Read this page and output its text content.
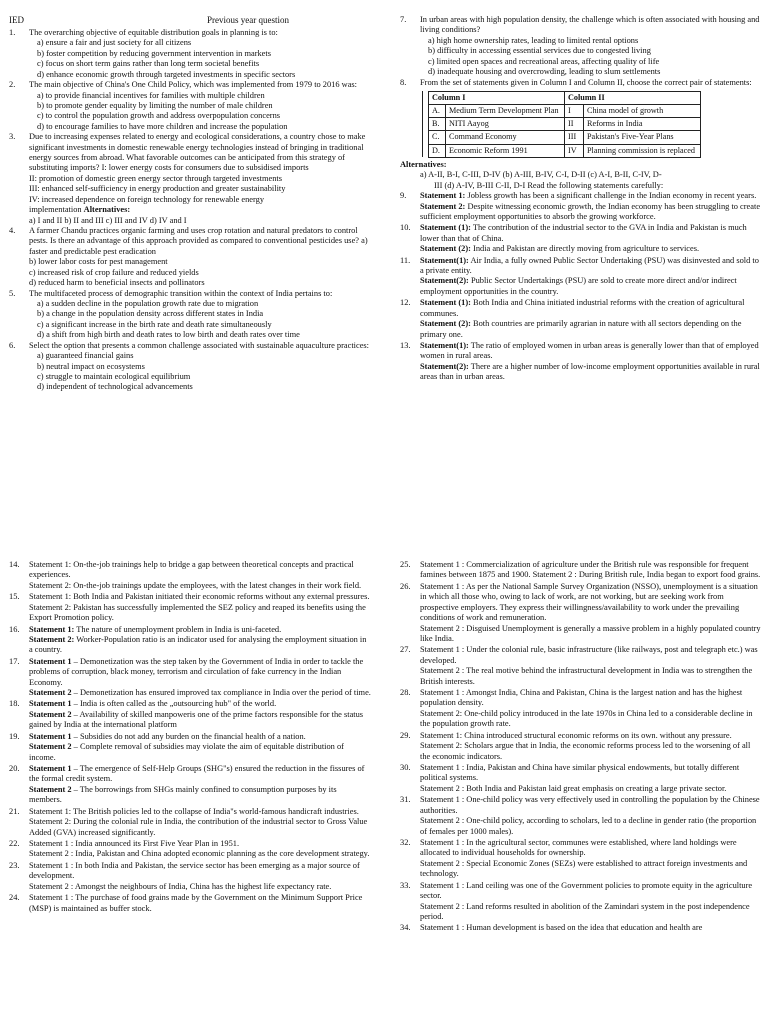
IED	Previous year question
1.	The overarching objective of equitable distribution goals in planning is to:
a) ensure a fair and just society for all citizens
b) foster competition by reducing government intervention in markets
c) focus on short term gains rather than long term societal benefits
d) enhance economic growth through targeted investments in specific sectors
2.	The main objective of China's One Child Policy, which was implemented from 1979 to 2016 was:
a) to provide financial incentives for families with multiple children
b) to promote gender equality by limiting the number of male children
c) to control the population growth and address overpopulation concerns
d) to encourage families to have more children and increase the population
3.	Due to increasing expenses related to energy and ecological considerations, a country chose to make significant investments in domestic renewable energy technologies instead of bringing in traditional energy sources from abroad. What favorable outcomes can be anticipated from this strategy of substituting imports? I: lower energy costs for consumers due to subsidised imports
II: promotion of domestic green energy sector through targeted investments
III: enhanced self-sufficiency in energy production and greater sustainability
IV: increased dependence on foreign technology for renewable energy
implementation Alternatives:
a) I and II b) II and III c) III and IV d) IV and I
4.	A farmer Chandu practices organic farming and uses crop rotation and natural predators to control pests. Is there an advantage of this approach provided as compared to conventional pesticides use? a) faster and predictable pest eradication
b) lower labor costs for pest management
c) increased risk of crop failure and reduced yields
d) reduced harm to beneficial insects and pollinators
5.	The multifaceted process of demographic transition within the context of India pertains to:
a) a sudden decline in the population growth rate due to migration
b) a change in the population density across different states in India
c) a significant increase in the birth rate and death rate simultaneously
d) a shift from high birth and death rates to low birth and death rates over time
6.	Select the option that presents a common challenge associated with sustainable aquaculture practices:
a) guaranteed financial gains
b) neutral impact on ecosystems
c) struggle to maintain ecological equilibrium
d) independent of technological advancements
7.	In urban areas with high population density, the challenge which is often associated with housing and living conditions?
a) high home ownership rates, leading to limited rental options
b) difficulty in accessing essential services due to congested living
c) limited open spaces and recreational areas, affecting quality of life
d) inadequate housing and overcrowding, leading to slum settlements
8.	From the set of statements given in Column I and Column II, choose the correct pair of statements:
	Column I		Column II	
	A.	Medium Term Development Plan	I	China model of growth
	B.	NITI Aayog	II	Reforms in India
	C.	Command Economy	III	Pakistan's Five-Year Plans
	D.	Economic Reform 1991	IV	Planning commission is replaced
Alternatives:
a) A-II, B-I, C-III, D-IV (b) A-III, B-IV, C-I, D-II (c) A-I, B-II, C-IV, D-
III (d) A-IV, B-III C-II, D-I Read the following statements carefully:
9.	Statement 1: Jobless growth has been a significant challenge in the Indian economy in recent years.
Statement 2: Despite witnessing economic growth, the Indian economy has been struggling to create sufficient employment opportunities to absorb the growing workforce.
10.	Statement (1): The contribution of the industrial sector to the GVA in India and Pakistan is much lower than that of China.
Statement (2): India and Pakistan are directly moving from agriculture to services.
11.	Statement(1): Air India, a fully owned Public Sector Undertaking (PSU) was disinvested and sold to a private entity.
Statement(2): Public Sector Undertakings (PSU) are sold to create more direct and/or indirect employment opportunities in the country.
12.	Statement (1): Both India and China initiated industrial reforms with the creation of agricultural communes.
Statement (2): Both countries are primarily agrarian in nature with all sectors depending on the primary one.
13.	Statement(1): The ratio of employed women in urban areas is generally lower than that of employed women in rural areas.
Statement(2): There are a higher number of low-income employment opportunities available in rural areas than in urban areas.
14.	Statement 1: On-the-job trainings help to bridge a gap between theoretical concepts and practical experiences.
Statement 2: On-the-job trainings update the employees, with the latest changes in their work field.
15.	Statement 1: Both India and Pakistan initiated their economic reforms without any external pressures.
Statement 2: Pakistan has successfully implemented the SEZ policy and reaped its benefits using the Export Promotion policy.
16.	Statement 1: The nature of unemployment problem in India is uni-faceted.
Statement 2: Worker-Population ratio is an indicator used for analysing the employment situation in a country.
17.	Statement 1 – Demonetization was the step taken by the Government of India in order to tackle the problems of corruption, black money, terrorism and circulation of fake currency in the Indian Economy.
Statement 2 – Demonetization has ensured improved tax compliance in India over the period of time.
18.	Statement 1 – India is often called as the „outsourcing hub" of the world.
Statement 2 – Availability of skilled manpoweris one of the prime factors responsible for the status gained by India at the international platform
19.	Statement 1 – Subsidies do not add any burden on the financial health of a nation.
Statement 2 – Complete removal of subsidies may violate the aim of equitable distribution of income.
20.	Statement 1 – The emergence of Self-Help Groups (SHG"s) ensured the reduction in the fissures of the formal credit system.
Statement 2 – The borrowings from SHGs mainly confined to consumption purposes by its members.
21.	Statement 1: The British policies led to the collapse of India"s world-famous handicraft industries.
Statement 2: During the colonial rule in India, the contribution of the industrial sector to Gross Value Added (GVA) increased significantly.
22.	Statement 1 : India announced its First Five Year Plan in 1951.
Statement 2 : India, Pakistan and China adopted economic planning as the core development strategy.
23.	Statement 1 : In both India and Pakistan, the service sector has been emerging as a major source of development.
Statement 2 : Amongst the neighbours of India, China has the highest life expectancy rate.
24.	Statement 1 : The purchase of food grains made by the Government on the Minimum Support Price (MSP) is maintained as buffer stock.
25.	Statement 1 : Commercialization of agriculture under the British rule was responsible for frequent famines between 1875 and 1900. Statement 2 : During British rule, India began to export food grains.
26.	Statement 1 : As per the National Sample Survey Organization (NSSO), unemployment is a situation in which all those who, owing to lack of work, are not working, but are seeking work from prospective employers. They express their willingness/availability to work under the prevailing conditions of work and remuneration.
Statement 2 : Disguised Unemployment is generally a massive problem in a highly populated country like India.
27.	Statement 1 : Under the colonial rule, basic infrastructure (like railways, post and telegraph etc.) was developed.
Statement 2 : The real motive behind the infrastructural development in India was to strengthen the British interests.
28.	Statement 1 : Amongst India, China and Pakistan, China is the largest nation and has the highest population density.
Statement 2: One-child policy introduced in the late 1970s in China led to a considerable decline in the population growth rate.
29.	Statement 1: China introduced structural economic reforms on its own. without any pressure.
Statement 2: Scholars argue that in India, the economic reforms process led to the worsening of all the economic indicators.
30.	Statement 1 : India, Pakistan and China have similar physical endowments, but totally different political systems.
Statement 2 : Both India and Pakistan laid great emphasis on creating a large private sector.
31.	Statement 1 : One-child policy was very effectively used in controlling the population by the Chinese authorities.
Statement 2 : One-child policy, according to scholars, led to a decline in gender ratio (the proportion of females per 1000 males).
32.	Statement 1 : In the agricultural sector, communes were established, where land holdings were allocated to individual households for ownership.
Statement 2 : Special Economic Zones (SEZs) were established to attract foreign investments and technology.
33.	Statement 1 : Land ceiling was one of the Government policies to promote equity in the agriculture sector.
Statement 2 : Land reforms resulted in abolition of the Zamindari system in the post independence period.
34.	Statement 1 : Human development is based on the idea that education and health are
